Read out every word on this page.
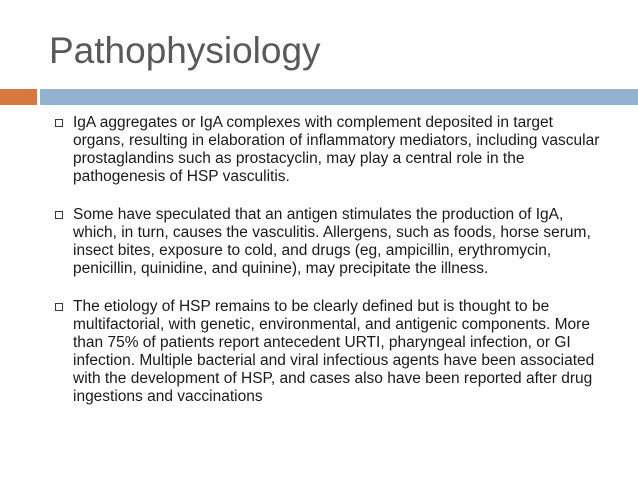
Pathophysiology
IgA aggregates or IgA complexes with complement deposited in target organs, resulting in elaboration of inflammatory mediators, including vascular prostaglandins such as prostacyclin, may play a central role in the pathogenesis of HSP vasculitis.
Some have speculated that an antigen stimulates the production of IgA, which, in turn, causes the vasculitis. Allergens, such as foods, horse serum, insect bites, exposure to cold, and drugs (eg, ampicillin, erythromycin, penicillin, quinidine, and quinine), may precipitate the illness.
The etiology of HSP remains to be clearly defined but is thought to be multifactorial, with genetic, environmental, and antigenic components. More than 75% of patients report antecedent URTI, pharyngeal infection, or GI infection. Multiple bacterial and viral infectious agents have been associated with the development of HSP, and cases also have been reported after drug ingestions and vaccinations
